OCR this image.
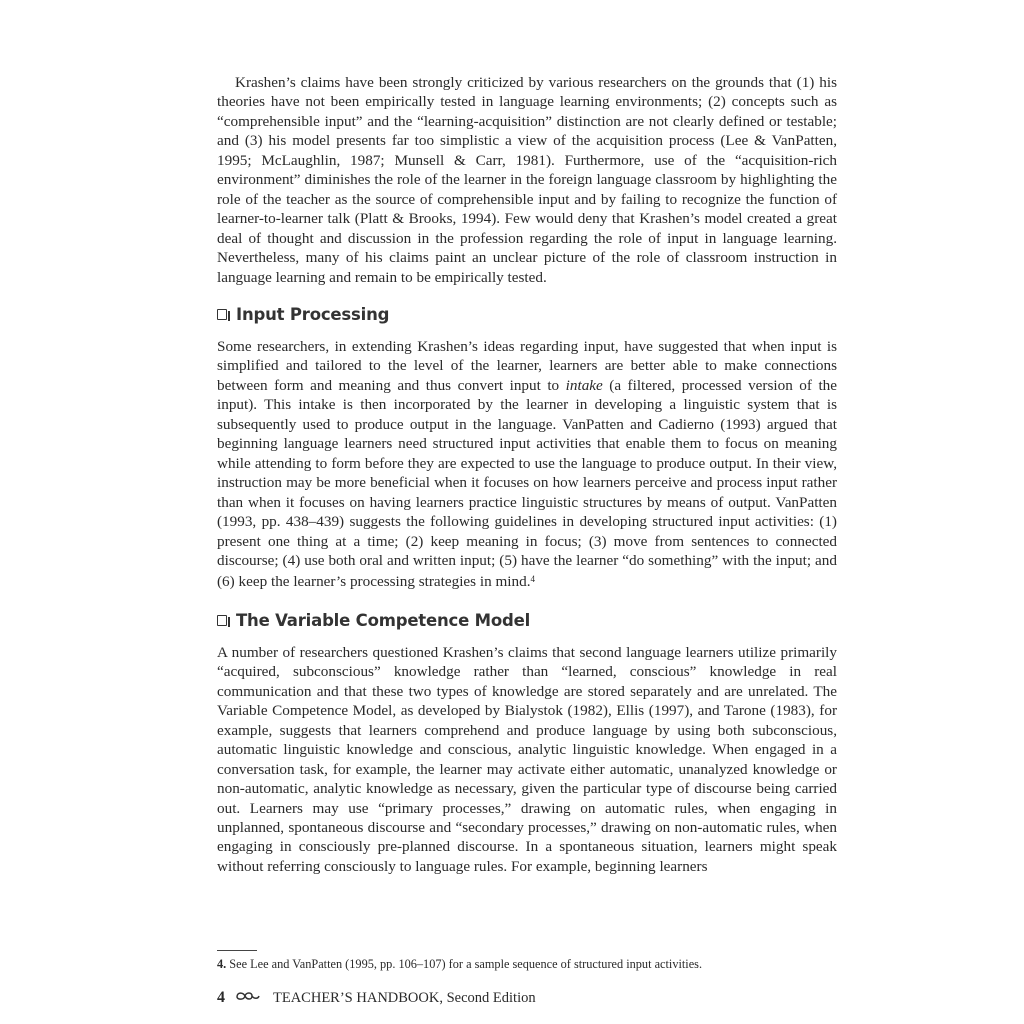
Krashen’s claims have been strongly criticized by various researchers on the grounds that (1) his theories have not been empirically tested in language learning environments; (2) concepts such as “comprehensible input” and the “learning-acquisition” distinction are not clearly defined or testable; and (3) his model presents far too simplistic a view of the acquisition process (Lee & VanPatten, 1995; McLaughlin, 1987; Munsell & Carr, 1981). Furthermore, use of the “acquisition-rich environment” diminishes the role of the learner in the foreign language classroom by highlighting the role of the teacher as the source of comprehensible input and by failing to recognize the function of learner-to-learner talk (Platt & Brooks, 1994). Few would deny that Krashen’s model created a great deal of thought and discussion in the profession regarding the role of input in language learning. Nevertheless, many of his claims paint an unclear picture of the role of classroom instruction in language learning and remain to be empirically tested.

Input Processing

Some researchers, in extending Krashen’s ideas regarding input, have suggested that when input is simplified and tailored to the level of the learner, learners are better able to make connections between form and meaning and thus convert input to intake (a filtered, processed version of the input). This intake is then incorporated by the learner in developing a linguistic system that is subsequently used to produce output in the language. VanPatten and Cadierno (1993) argued that beginning language learners need structured input activities that enable them to focus on meaning while attending to form before they are expected to use the language to produce output. In their view, instruction may be more beneficial when it focuses on how learners perceive and process input rather than when it focuses on having learners practice linguistic structures by means of output. VanPatten (1993, pp. 438–439) suggests the following guidelines in developing structured input activities: (1) present one thing at a time; (2) keep meaning in focus; (3) move from sentences to connected discourse; (4) use both oral and written input; (5) have the learner “do something” with the input; and (6) keep the learner’s processing strategies in mind.$^4$

The Variable Competence Model

A number of researchers questioned Krashen’s claims that second language learners utilize primarily “acquired, subconscious” knowledge rather than “learned, conscious” knowledge in real communication and that these two types of knowledge are stored separately and are unrelated. The Variable Competence Model, as developed by Bialystok (1982), Ellis (1997), and Tarone (1983), for example, suggests that learners comprehend and produce language by using both subconscious, automatic linguistic knowledge and conscious, analytic linguistic knowledge. When engaged in a conversation task, for example, the learner may activate either automatic, unanalyzed knowledge or non-automatic, analytic knowledge as necessary, given the particular type of discourse being carried out. Learners may use “primary processes,” drawing on automatic rules, when engaging in unplanned, spontaneous discourse and “secondary processes,” drawing on non-automatic rules, when engaging in consciously pre-planned discourse. In a spontaneous situation, learners might speak without referring consciously to language rules. For example, beginning learners

4. See Lee and VanPatten (1995, pp. 106–107) for a sample sequence of structured input activities.
4	TEACHER’S HANDBOOK, Second Edition
